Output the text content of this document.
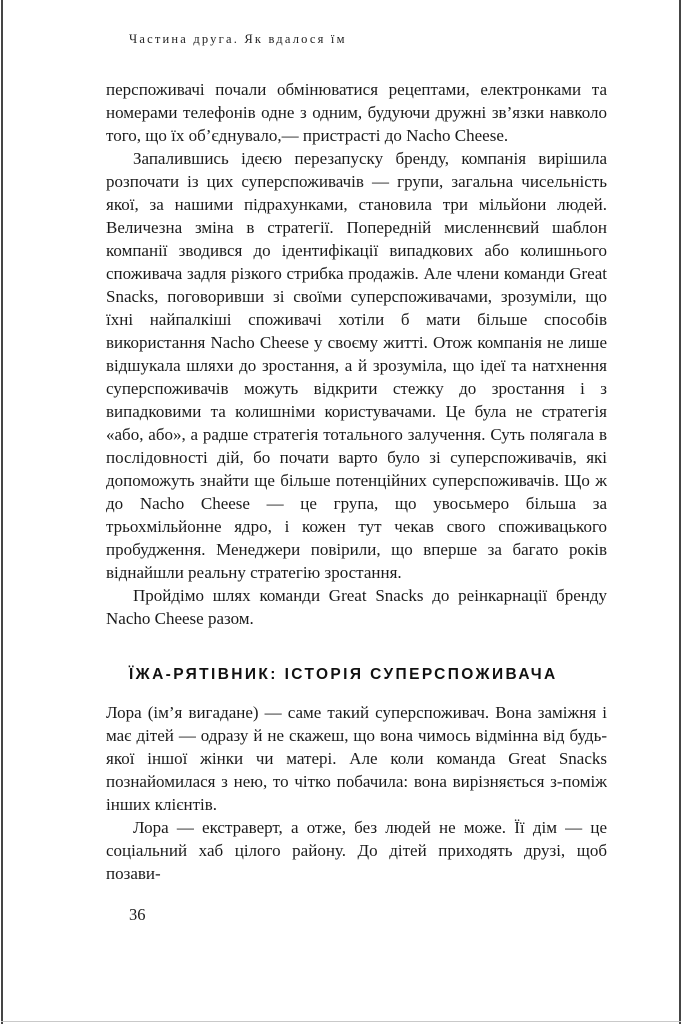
Частина друга. Як вдалося їм

перспоживачі почали обмінюватися рецептами, електронками та номерами телефонів одне з одним, будуючи дружні зв’язки навколо того, що їх об’єднувало,— пристрасті до Nacho Cheese.

Запалившись ідеєю перезапуску бренду, компанія вирішила розпочати із цих суперспоживачів — групи, загальна чисельність якої, за нашими підрахунками, становила три мільйони людей. Величезна зміна в стратегії. Попередній мисленнєвий шаблон компанії зводився до ідентифікації випадкових або колишнього споживача задля різкого стрибка продажів. Але члени команди Great Snacks, поговоривши зі своїми суперспоживачами, зрозуміли, що їхні найпалкіші споживачі хотіли б мати більше способів використання Nacho Cheese у своєму житті. Отож компанія не лише відшукала шляхи до зростання, а й зрозуміла, що ідеї та натхнення суперспоживачів можуть відкрити стежку до зростання і з випадковими та колишніми користувачами. Це була не стратегія «або, або», а радше стратегія тотального залучення. Суть полягала в послідовності дій, бо почати варто було зі суперспоживачів, які допоможуть знайти ще більше потенційних суперспоживачів. Що ж до Nacho Cheese — це група, що увосьмеро більша за трьохмільйонне ядро, і кожен тут чекав свого споживацького пробудження. Менеджери повірили, що вперше за багато років віднайшли реальну стратегію зростання.

Пройдімо шлях команди Great Snacks до реінкарнації бренду Nacho Cheese разом.

ЇЖА-РЯТІВНИК: ІСТОРІЯ СУПЕРСПОЖИВАЧА

Лора (ім’я вигадане) — саме такий суперспоживач. Вона заміжня і має дітей — одразу й не скажеш, що вона чимось відмінна від будь-якої іншої жінки чи матері. Але коли команда Great Snacks познайомилася з нею, то чітко побачила: вона вирізняється з-поміж інших клієнтів.

Лора — екстраверт, а отже, без людей не може. Її дім — це соціальний хаб цілого району. До дітей приходять друзі, щоб позави-

36
